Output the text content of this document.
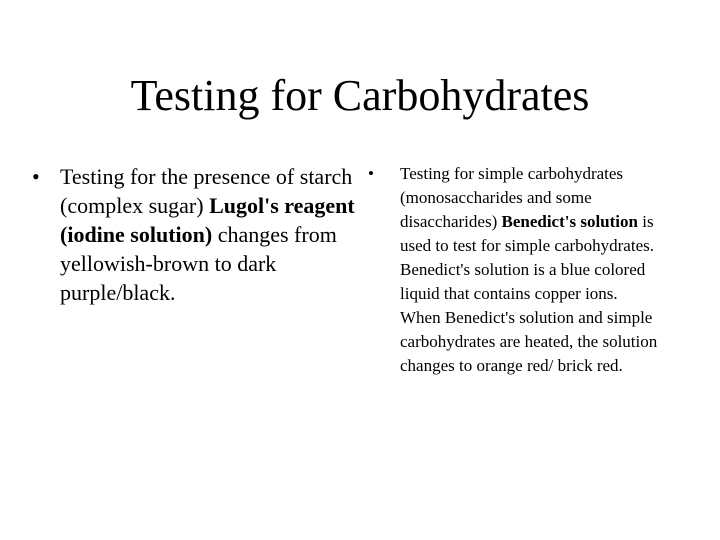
Testing for Carbohydrates
• Testing for the presence of starch (complex sugar) Lugol's reagent (iodine solution) changes from yellowish-brown to dark purple/black.
•	Testing for simple carbohydrates (monosaccharides and some disaccharides) Benedict's solution is used to test for simple carbohydrates. Benedict's solution is a blue colored liquid that contains copper ions. When Benedict's solution and simple carbohydrates are heated, the solution changes to orange red/ brick red.
